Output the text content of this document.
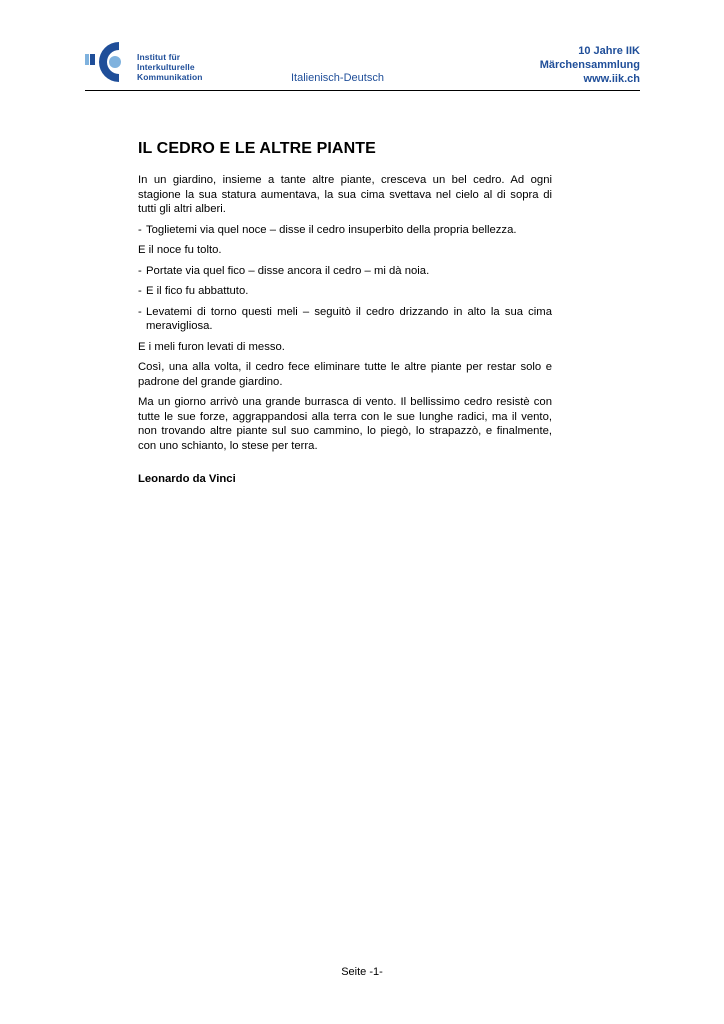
Institut für
Interkulturelle
Kommunikation	Italienisch-Deutsch
10 Jahre IIK
Märchensammlung
www.iik.ch
IL CEDRO E LE ALTRE PIANTE

In un giardino, insieme a tante altre piante, cresceva un bel cedro. Ad ogni stagione la sua statura aumentava, la sua cima svettava nel cielo al di sopra di tutti gli altri alberi.

- Toglietemi via quel noce – disse il cedro insuperbito della propria bellezza.

E il noce fu tolto.

- Portate via quel fico – disse ancora il cedro – mi dà noia.

- E il fico fu abbattuto.

- Levatemi di torno questi meli – seguitò il cedro drizzando in alto la sua cima meravigliosa.

E i meli furon levati di messo.

Così, una alla volta, il cedro fece eliminare tutte le altre piante per restar solo e padrone del grande giardino.

Ma un giorno arrivò una grande burrasca di vento. Il bellissimo cedro resistè con tutte le sue forze, aggrappandosi alla terra con le sue lunghe radici, ma il vento, non trovando altre piante sul suo cammino, lo piegò, lo strapazzò, e finalmente, con uno schianto, lo stese per terra.

Leonardo da Vinci
Seite -1-
